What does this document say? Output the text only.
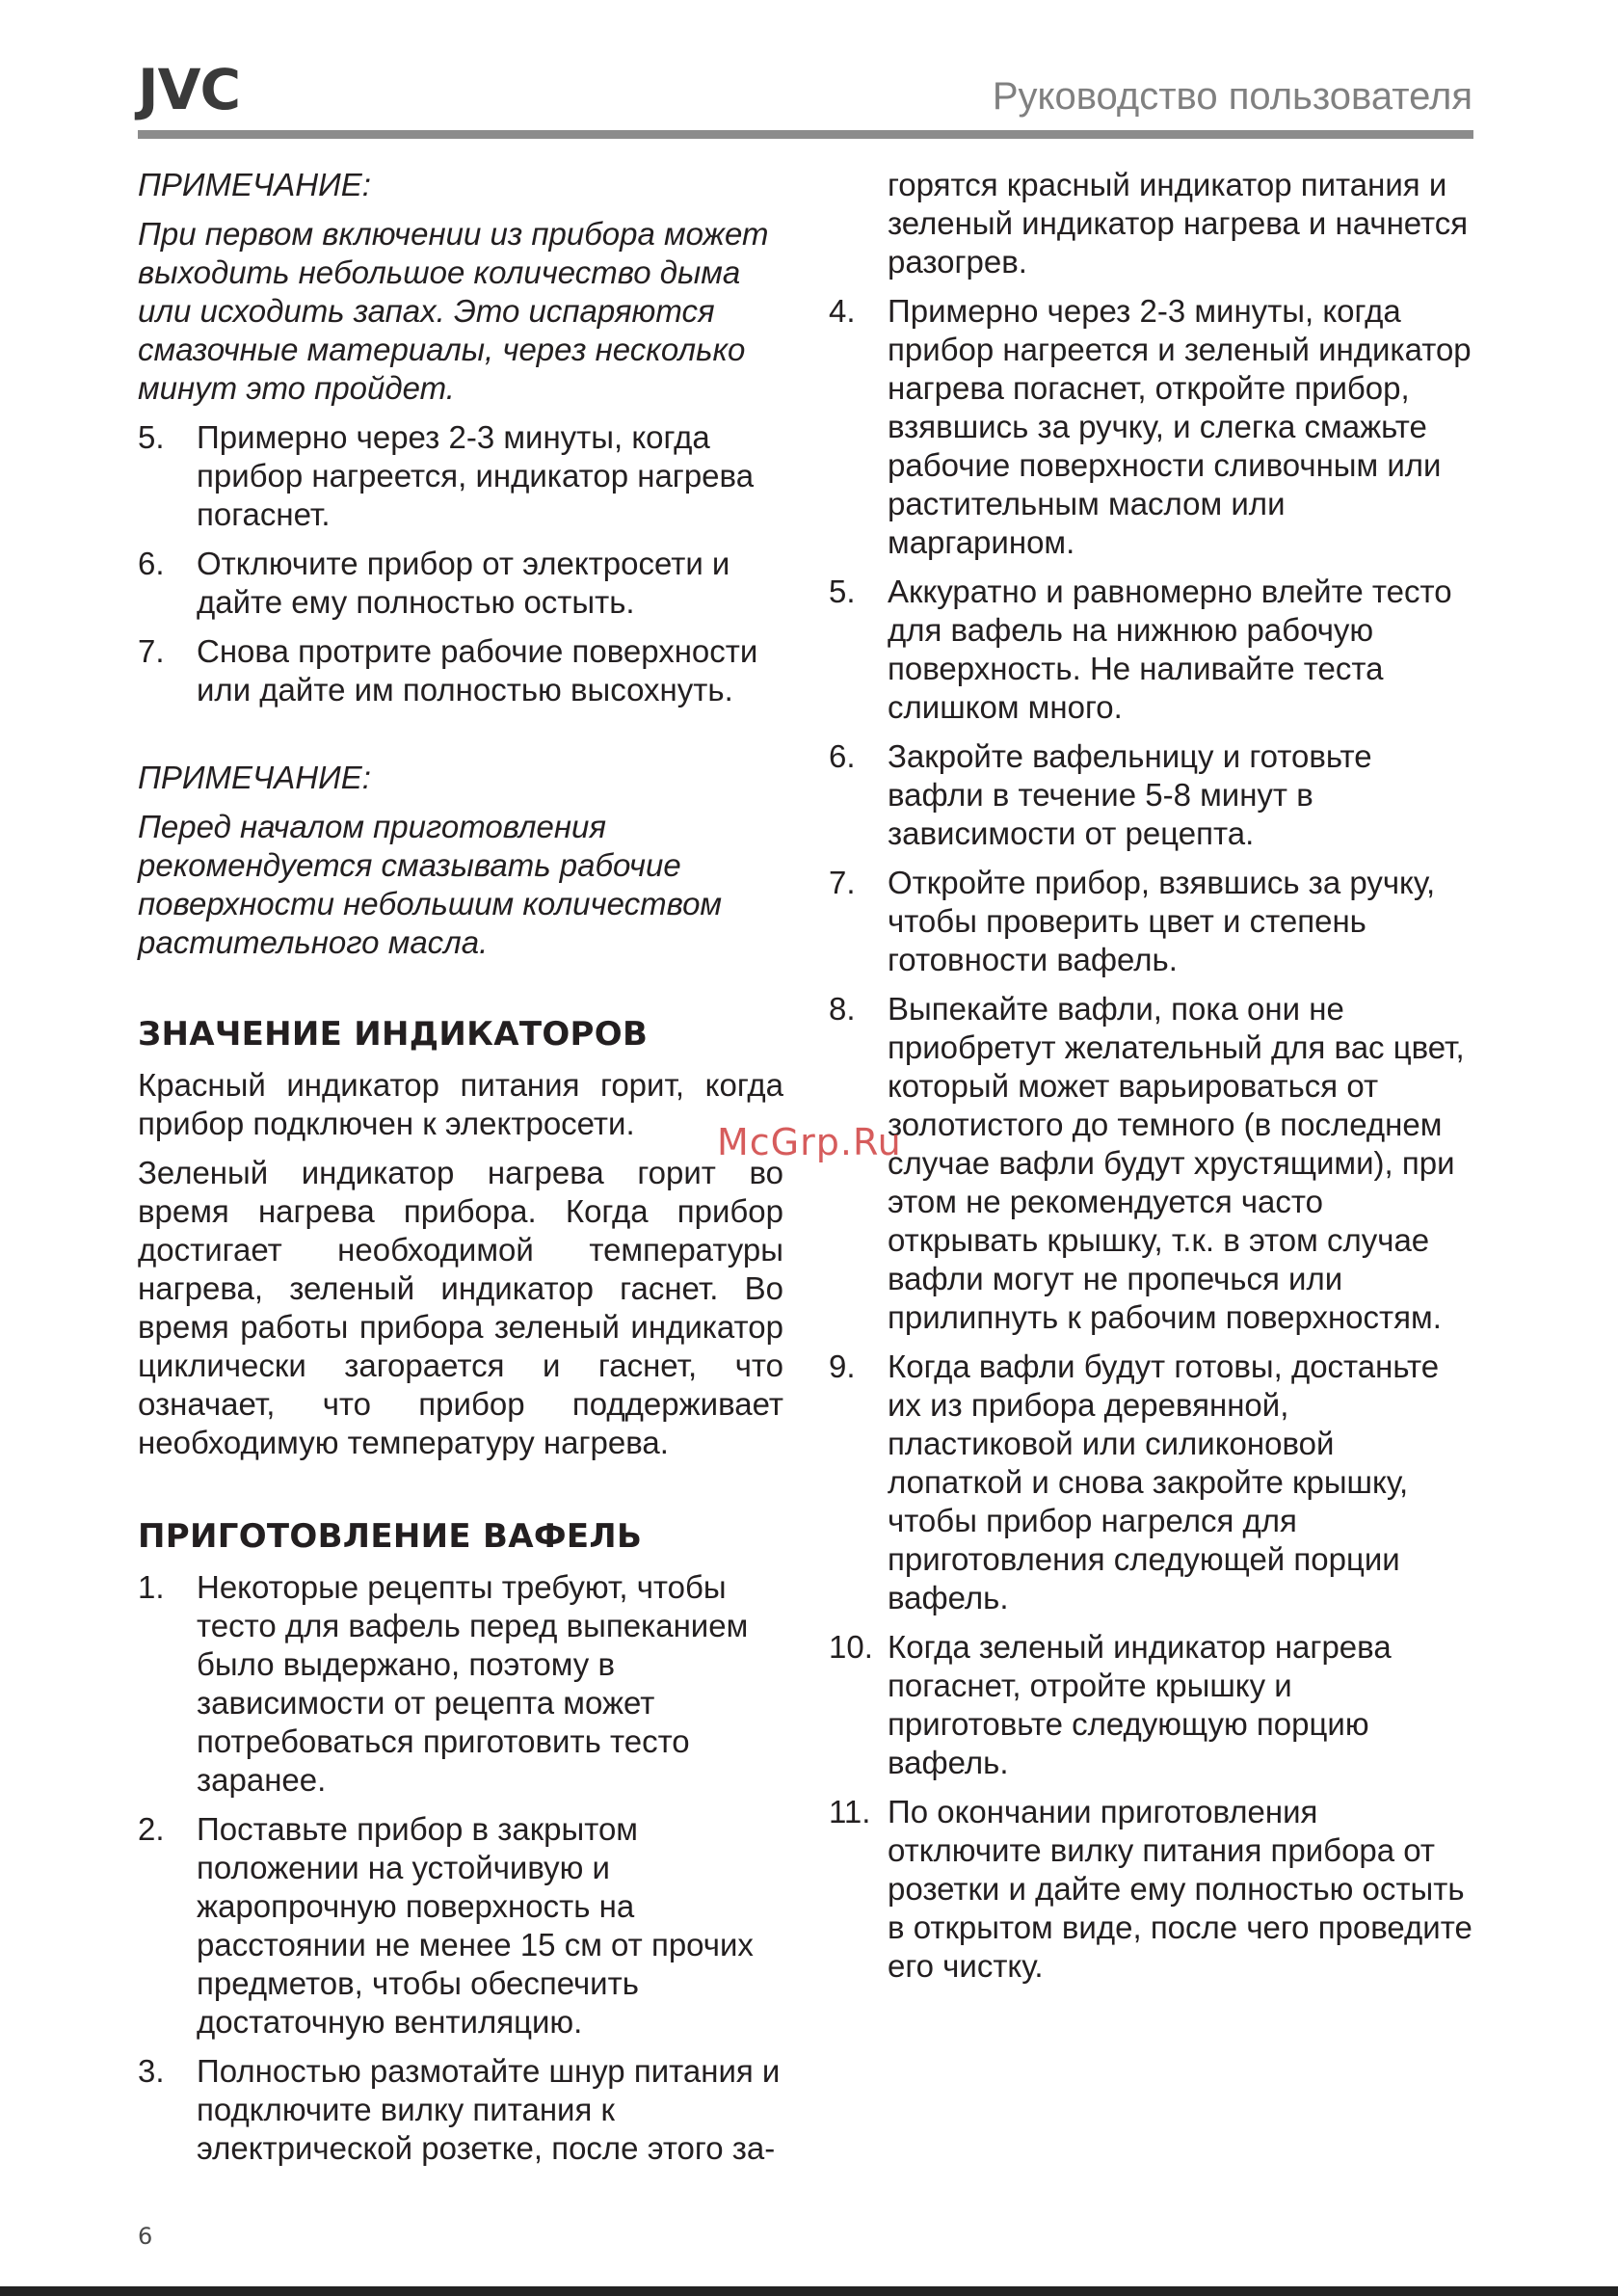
JVC	Руководство пользователя

ПРИМЕЧАНИЕ:

При первом включении из прибора может выходить небольшое количество дыма или исходить запах. Это испаряются смазочные материалы, через несколько минут это пройдет.

5. Примерно через 2-3 минуты, когда прибор нагреется, индикатор нагрева погаснет.
6. Отключите прибор от электросети и дайте ему полностью остыть.
7. Снова протрите рабочие поверхности или дайте им полностью высохнуть.

ПРИМЕЧАНИЕ:

Перед началом приготовления рекомендуется смазывать рабочие поверхности небольшим количеством растительного масла.

ЗНАЧЕНИЕ ИНДИКАТОРОВ

Красный индикатор питания горит, когда прибор подключен к электросети.

Зеленый индикатор нагрева горит во время нагрева прибора. Когда прибор достигает необходимой температуры нагрева, зеленый индикатор гаснет. Во время работы прибора зеленый индикатор циклически загорается и гаснет, что означает, что прибор поддерживает необходимую температуру нагрева.

ПРИГОТОВЛЕНИЕ ВАФЕЛЬ
1. Некоторые рецепты требуют, чтобы тесто для вафель перед выпеканием было выдержано, поэтому в зависимости от рецепта может потребоваться приготовить тесто заранее.
2. Поставьте прибор в закрытом положении на устойчивую и жаропрочную поверхность на расстоянии не менее 15 см от прочих предметов, чтобы обеспечить достаточную вентиляцию.
3. Полностью размотайте шнур питания и подключите вилку питания к электрической розетке, после этого за-

горятся красный индикатор питания и зеленый индикатор нагрева и начнется разогрев.

4. Примерно через 2-3 минуты, когда прибор нагреется и зеленый индикатор нагрева погаснет, откройте прибор, взявшись за ручку, и слегка смажьте рабочие поверхности сливочным или растительным маслом или маргарином.
5. Аккуратно и равномерно влейте тесто для вафель на нижнюю рабочую поверхность. Не наливайте теста слишком много.
6. Закройте вафельницу и готовьте вафли в течение 5-8 минут в зависимости от рецепта.
7. Откройте прибор, взявшись за ручку, чтобы проверить цвет и степень готовности вафель.
8. Выпекайте вафли, пока они не приобретут желательный для вас цвет, который может варьироваться от золотистого до темного (в последнем случае вафли будут хрустящими), при этом не рекомендуется часто открывать крышку, т.к. в этом случае вафли могут не пропечься или прилипнуть к рабочим поверхностям.
9. Когда вафли будут готовы, достаньте их из прибора деревянной, пластиковой или силиконовой лопаткой и снова закройте крышку, чтобы прибор нагрелся для приготовления следующей порции вафель.
10. Когда зеленый индикатор нагрева погаснет, отройте крышку и приготовьте следующую порцию вафель.
11. По окончании приготовления отключите вилку питания прибора от розетки и дайте ему полностью остыть в открытом виде, после чего проведите его чистку.
McGrp.Ru
6
